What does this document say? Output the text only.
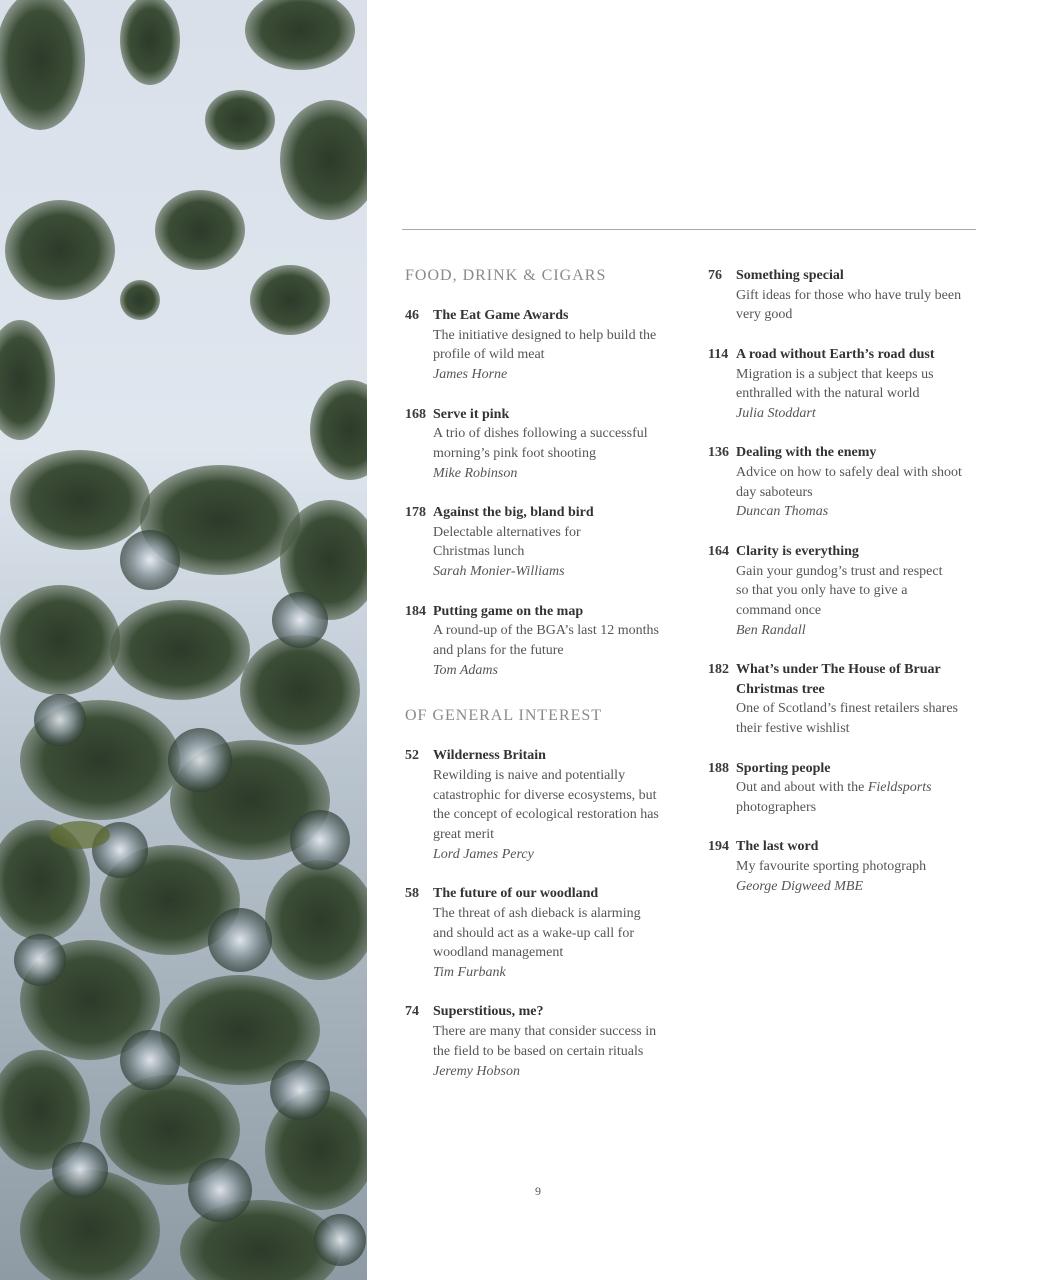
FOOD, DRINK & CIGARS
46 The Eat Game Awards
The initiative designed to help build the
profile of wild meat
James Horne
168 Serve it pink
A trio of dishes following a successful
morning’s pink foot shooting
Mike Robinson
178 Against the big, bland bird
Delectable alternatives for
Christmas lunch
Sarah Monier-Williams
184 Putting game on the map
A round-up of the BGA’s last 12 months
and plans for the future
Tom Adams
OF GENERAL INTEREST
52 Wilderness Britain
Rewilding is naive and potentially
catastrophic for diverse ecosystems, but
the concept of ecological restoration has
great merit
Lord James Percy
58 The future of our woodland
The threat of ash dieback is alarming
and should act as a wake-up call for
woodland management
Tim Furbank
74 Superstitious, me?
There are many that consider success in
the field to be based on certain rituals
Jeremy Hobson
76 Something special
Gift ideas for those who have truly been
very good
114 A road without Earth’s road dust
Migration is a subject that keeps us
enthralled with the natural world
Julia Stoddart
136 Dealing with the enemy
Advice on how to safely deal with shoot
day saboteurs
Duncan Thomas
164 Clarity is everything
Gain your gundog’s trust and respect
so that you only have to give a
command once
Ben Randall
182 What’s under The House of Bruar
Christmas tree
One of Scotland’s finest retailers shares
their festive wishlist
188 Sporting people
Out and about with the Fieldsports
photographers
194 The last word
My favourite sporting photograph
George Digweed MBE
9
